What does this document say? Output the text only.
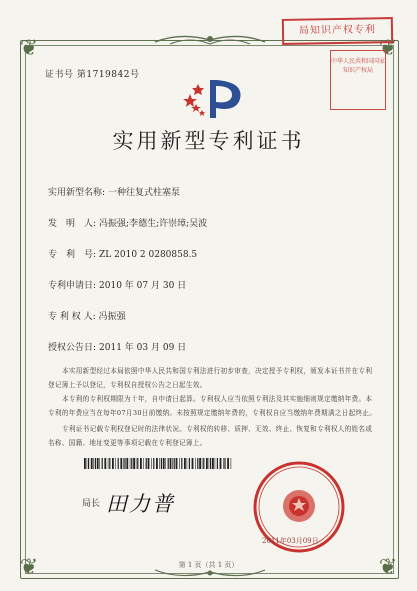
❦	❦
❦	❦
局知识产权专利
中华人民共和国国家知识产权局
证书号 第1719842号
实用新型专利证书
实用新型名称: 一种往复式柱塞泵
发　明　人: 冯振强;李德生;许崇璋;吴波
专　利　号: ZL 2010 2 0280858.5
专利申请日: 2010 年 07 月 30 日
专 利 权 人: 冯振强
授权公告日: 2011 年 03 月 09 日
本实用新型经过本局依照中华人民共和国专利法进行初步审查，决定授予专利权，颁发本证书并在专利登记簿上予以登记，专利权自授权公告之日起生效。
本专利的专利权期限为十年，自申请日起算。专利权人应当依照专利法及其实施细则规定缴纳年费。本专利的年费应当在每年07月30日前缴纳。未按照规定缴纳年费的，专利权自应当缴纳年费期满之日起终止。
专利证书记载专利权登记时的法律状况。专利权的转移、质押、无效、终止、恢复和专利权人的姓名或名称、国籍、地址变更等事项记载在专利登记簿上。
局长 田力普
2011年03月09日
第 1 页（共 1 页）
